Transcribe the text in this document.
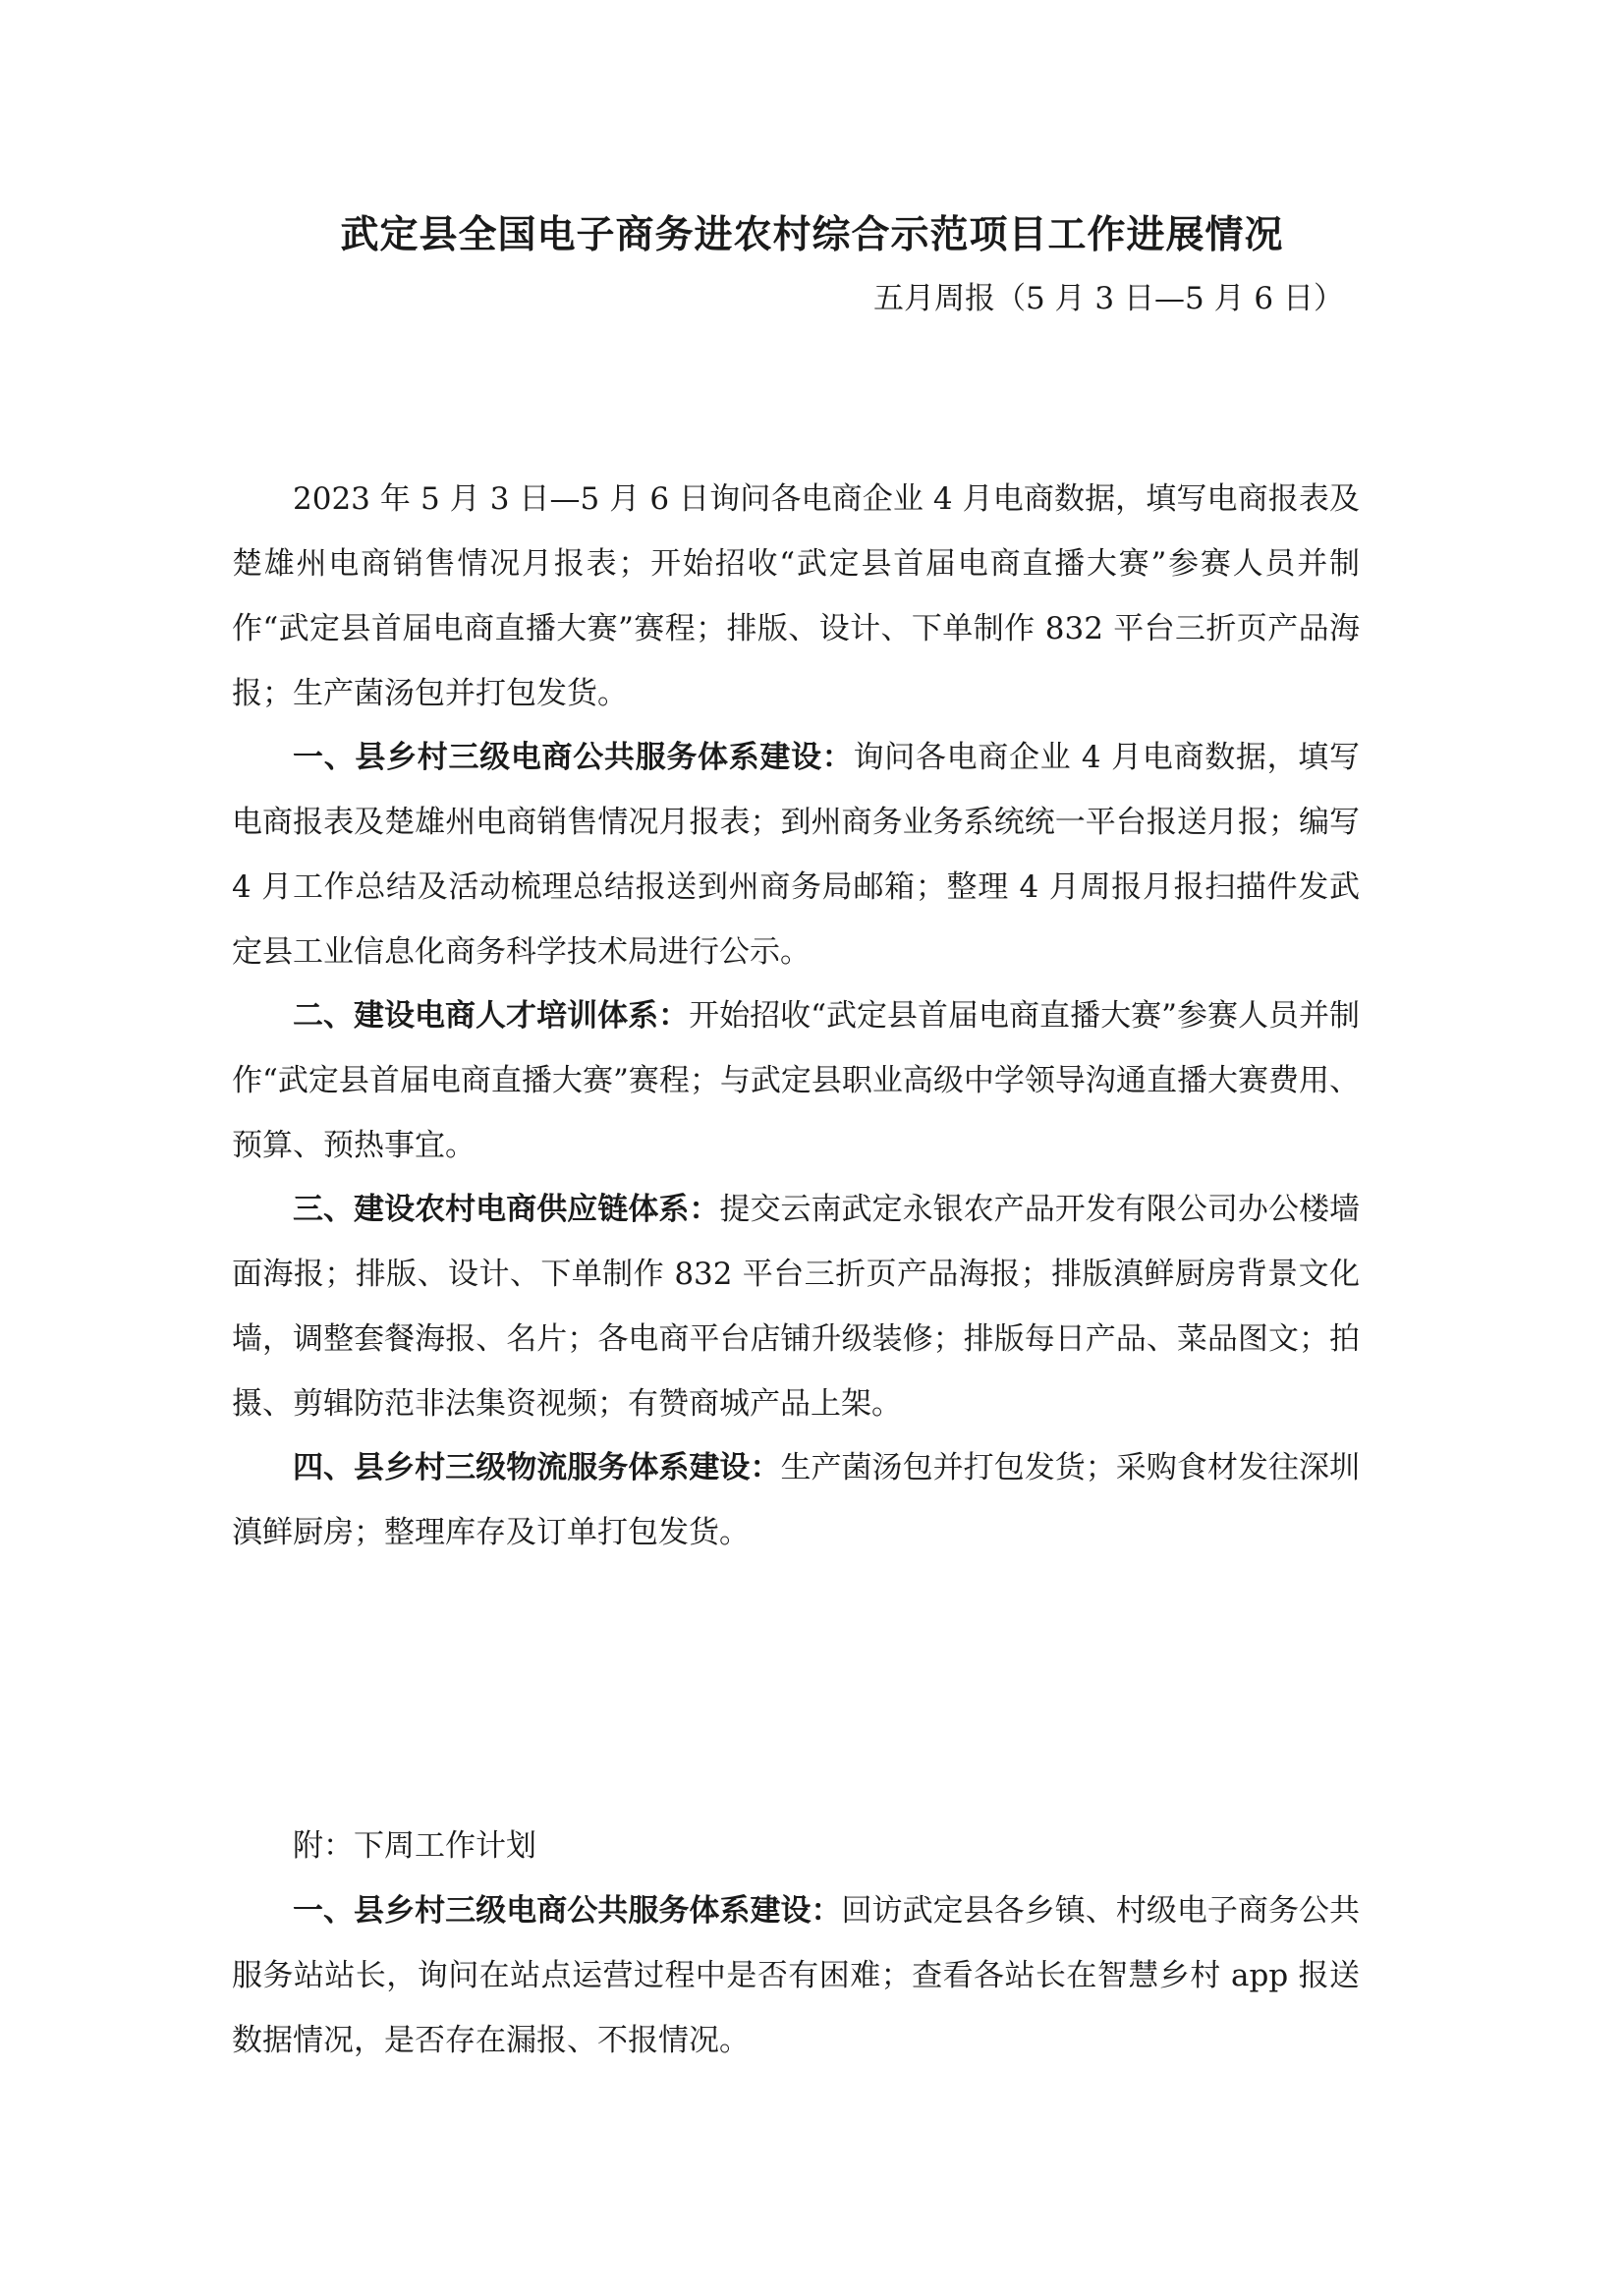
武定县全国电子商务进农村综合示范项目工作进展情况
五月周报（5 月 3 日—5 月 6 日）

2023 年 5 月 3 日—5 月 6 日询问各电商企业 4 月电商数据，填写电商报表及楚雄州电商销售情况月报表；开始招收“武定县首届电商直播大赛”参赛人员并制作“武定县首届电商直播大赛”赛程；排版、设计、下单制作 832 平台三折页产品海报；生产菌汤包并打包发货。

一、县乡村三级电商公共服务体系建设：询问各电商企业 4 月电商数据，填写电商报表及楚雄州电商销售情况月报表；到州商务业务系统统一平台报送月报；编写 4 月工作总结及活动梳理总结报送到州商务局邮箱；整理 4 月周报月报扫描件发武定县工业信息化商务科学技术局进行公示。

二、建设电商人才培训体系：开始招收“武定县首届电商直播大赛”参赛人员并制作“武定县首届电商直播大赛”赛程；与武定县职业高级中学领导沟通直播大赛费用、预算、预热事宜。

三、建设农村电商供应链体系：提交云南武定永银农产品开发有限公司办公楼墙面海报；排版、设计、下单制作 832 平台三折页产品海报；排版滇鲜厨房背景文化墙，调整套餐海报、名片；各电商平台店铺升级装修；排版每日产品、菜品图文；拍摄、剪辑防范非法集资视频；有赞商城产品上架。

四、县乡村三级物流服务体系建设：生产菌汤包并打包发货；采购食材发往深圳滇鲜厨房；整理库存及订单打包发货。

附：下周工作计划

一、县乡村三级电商公共服务体系建设：回访武定县各乡镇、村级电子商务公共服务站站长，询问在站点运营过程中是否有困难；查看各站长在智慧乡村 app 报送数据情况，是否存在漏报、不报情况。
